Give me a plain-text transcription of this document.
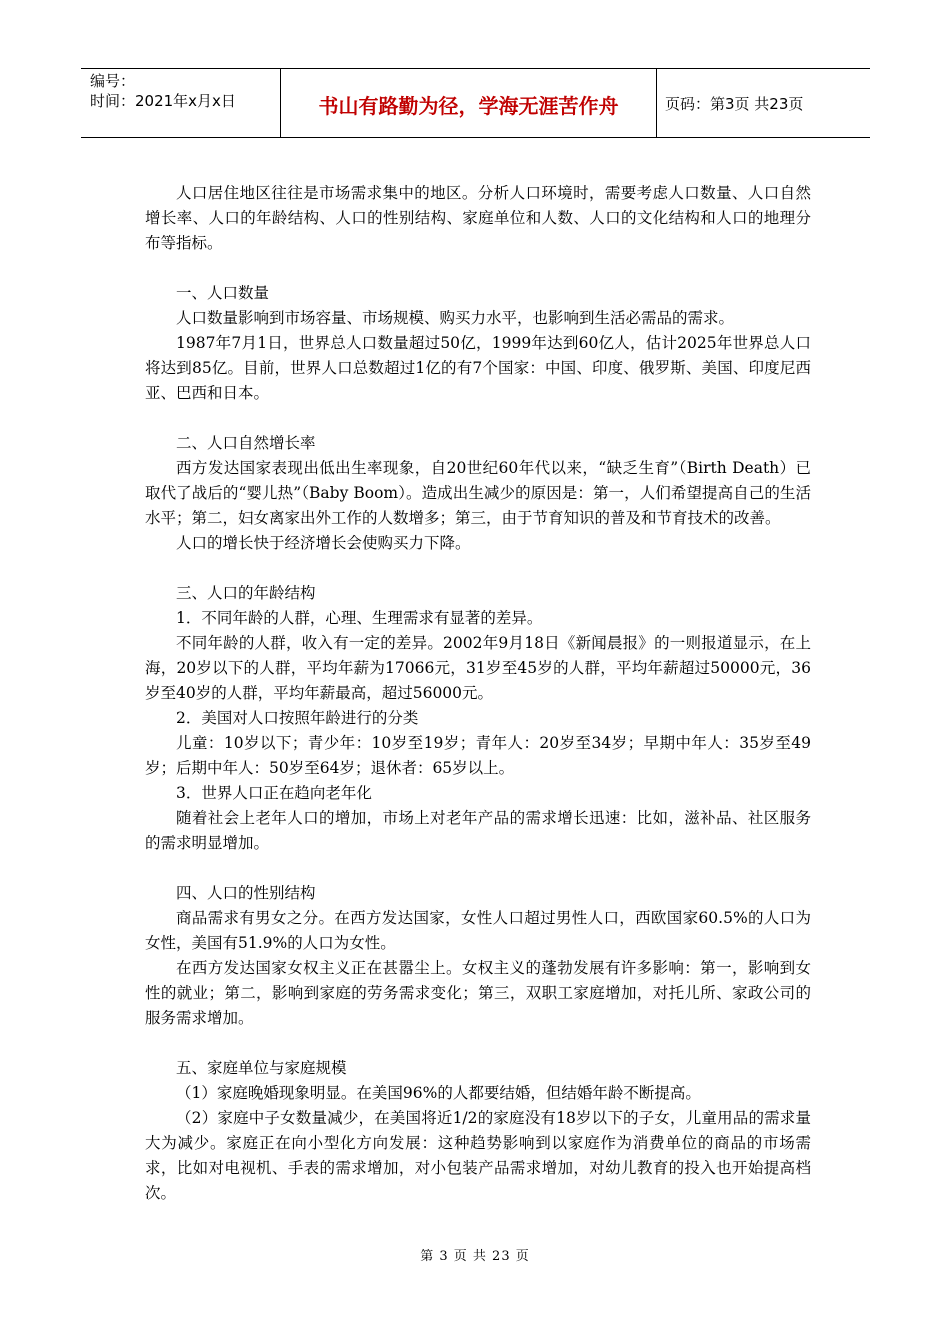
编号：
时间：2021年x月x日	书山有路勤为径，学海无涯苦作舟	页码：第3页 共23页

人口居住地区往往是市场需求集中的地区。分析人口环境时，需要考虑人口数量、人口自然增长率、人口的年龄结构、人口的性别结构、家庭单位和人数、人口的文化结构和人口的地理分布等指标。

一、人口数量

人口数量影响到市场容量、市场规模、购买力水平，也影响到生活必需品的需求。

1987年7月1日，世界总人口数量超过50亿，1999年达到60亿人，估计2025年世界总人口将达到85亿。目前，世界人口总数超过1亿的有7个国家：中国、印度、俄罗斯、美国、印度尼西亚、巴西和日本。

二、人口自然增长率

西方发达国家表现出低出生率现象，自20世纪60年代以来，“缺乏生育”（Birth Death）已取代了战后的“婴儿热”（Baby Boom）。造成出生减少的原因是：第一，人们希望提高自己的生活水平；第二，妇女离家出外工作的人数增多；第三，由于节育知识的普及和节育技术的改善。

人口的增长快于经济增长会使购买力下降。

三、人口的年龄结构

1．不同年龄的人群，心理、生理需求有显著的差异。

不同年龄的人群，收入有一定的差异。2002年9月18日《新闻晨报》的一则报道显示，在上海，20岁以下的人群，平均年薪为17066元，31岁至45岁的人群，平均年薪超过50000元，36岁至40岁的人群，平均年薪最高，超过56000元。

2．美国对人口按照年龄进行的分类

儿童：10岁以下；青少年：10岁至19岁；青年人：20岁至34岁；早期中年人：35岁至49岁；后期中年人：50岁至64岁；退休者：65岁以上。

3．世界人口正在趋向老年化

随着社会上老年人口的增加，市场上对老年产品的需求增长迅速：比如，滋补品、社区服务的需求明显增加。

四、人口的性别结构

商品需求有男女之分。在西方发达国家，女性人口超过男性人口，西欧国家60.5%的人口为女性，美国有51.9%的人口为女性。

在西方发达国家女权主义正在甚嚣尘上。女权主义的蓬勃发展有许多影响：第一，影响到女性的就业；第二，影响到家庭的劳务需求变化；第三，双职工家庭增加，对托儿所、家政公司的服务需求增加。

五、家庭单位与家庭规模

（1）家庭晚婚现象明显。在美国96%的人都要结婚，但结婚年龄不断提高。

（2）家庭中子女数量减少，在美国将近1/2的家庭没有18岁以下的子女，儿童用品的需求量大为减少。家庭正在向小型化方向发展：这种趋势影响到以家庭作为消费单位的商品的市场需求，比如对电视机、手表的需求增加，对小包装产品需求增加，对幼儿教育的投入也开始提高档次。

第 3 页 共 23 页
